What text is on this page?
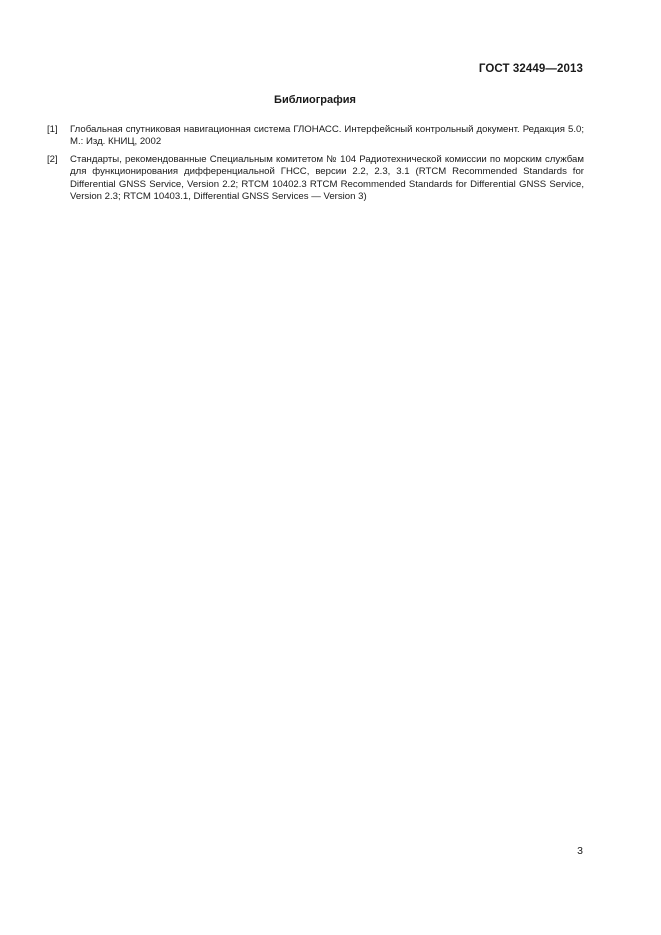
ГОСТ 32449—2013
Библиография
[1]	Глобальная спутниковая навигационная система ГЛОНАСС. Интерфейсный контрольный документ. Редакция 5.0; М.: Изд. КНИЦ, 2002
[2]	Стандарты, рекомендованные Специальным комитетом № 104 Радиотехнической комиссии по морским службам для функционирования дифференциальной ГНСС, версии 2.2, 2.3, 3.1 (RTCM Recommended Standards for Differential GNSS Service, Version 2.2; RTCM 10402.3 RTCM Recommended Standards for Differential GNSS Service, Version 2.3; RTCM 10403.1, Differential GNSS Services — Version 3)
3
